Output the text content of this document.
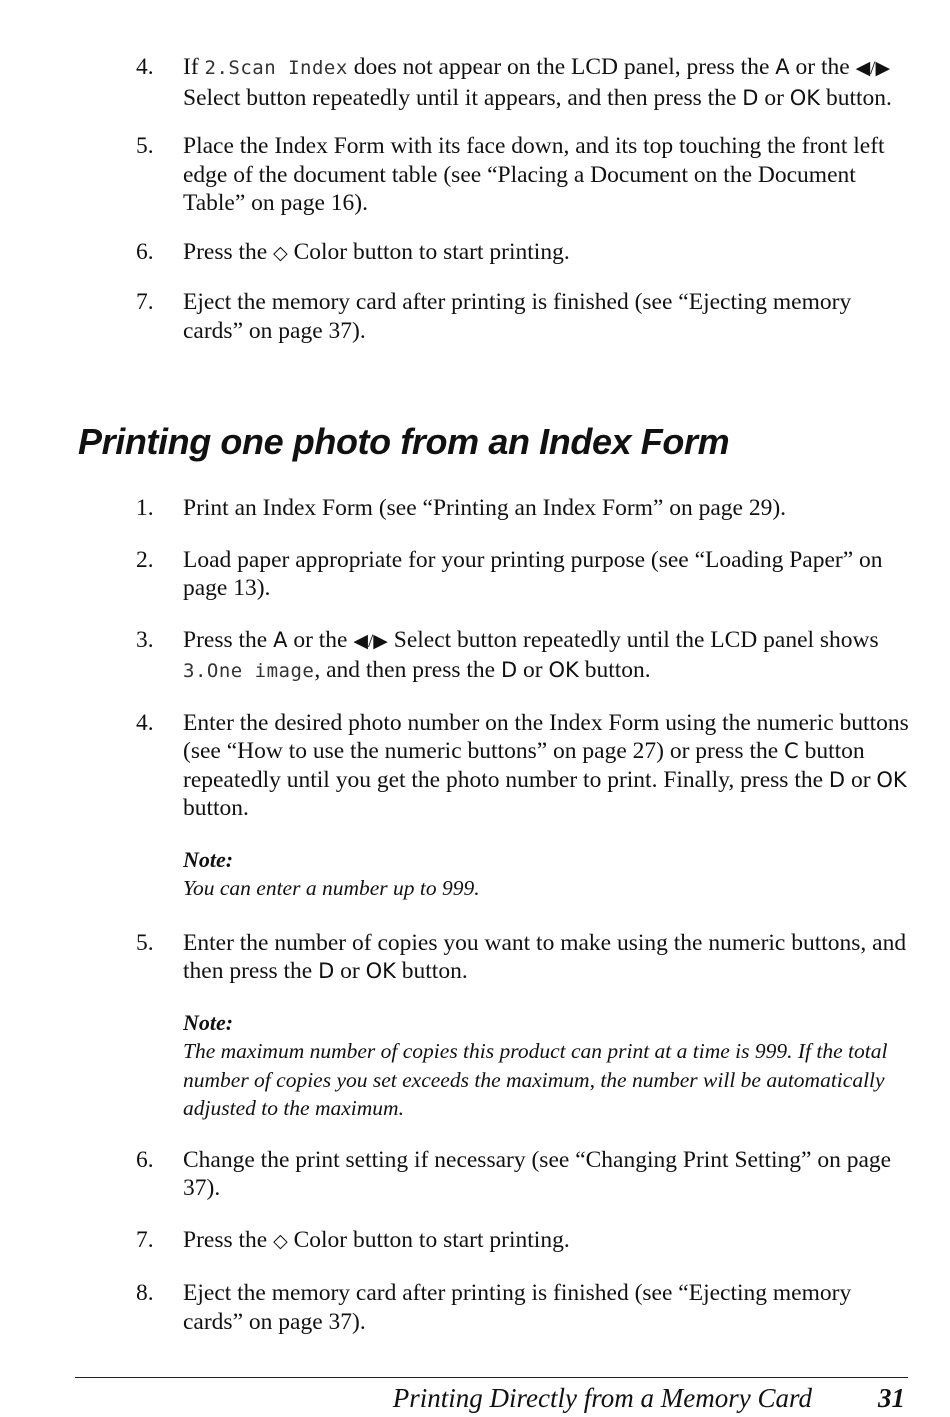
4.	If 2.Scan Index does not appear on the LCD panel, press the A or the ◀/▶ Select button repeatedly until it appears, and then press the D or OK button.
5.	Place the Index Form with its face down, and its top touching the front left edge of the document table (see “Placing a Document on the Document Table” on page 16).
6.	Press the ◇ Color button to start printing.
7.	Eject the memory card after printing is finished (see “Ejecting memory cards” on page 37).
Printing one photo from an Index Form
1.	Print an Index Form (see “Printing an Index Form” on page 29).
2.	Load paper appropriate for your printing purpose (see “Loading Paper” on page 13).
3.	Press the A or the ◀/▶ Select button repeatedly until the LCD panel shows 3.One image, and then press the D or OK button.
4.	Enter the desired photo number on the Index Form using the numeric buttons (see “How to use the numeric buttons” on page 27) or press the C button repeatedly until you get the photo number to print. Finally, press the D or OK button.
Note:
You can enter a number up to 999.
5.	Enter the number of copies you want to make using the numeric buttons, and then press the D or OK button.
Note:
The maximum number of copies this product can print at a time is 999. If the total number of copies you set exceeds the maximum, the number will be automatically adjusted to the maximum.
6.	Change the print setting if necessary (see “Changing Print Setting” on page 37).
7.	Press the ◇ Color button to start printing.
8.	Eject the memory card after printing is finished (see “Ejecting memory cards” on page 37).
Printing Directly from a Memory Card 31
